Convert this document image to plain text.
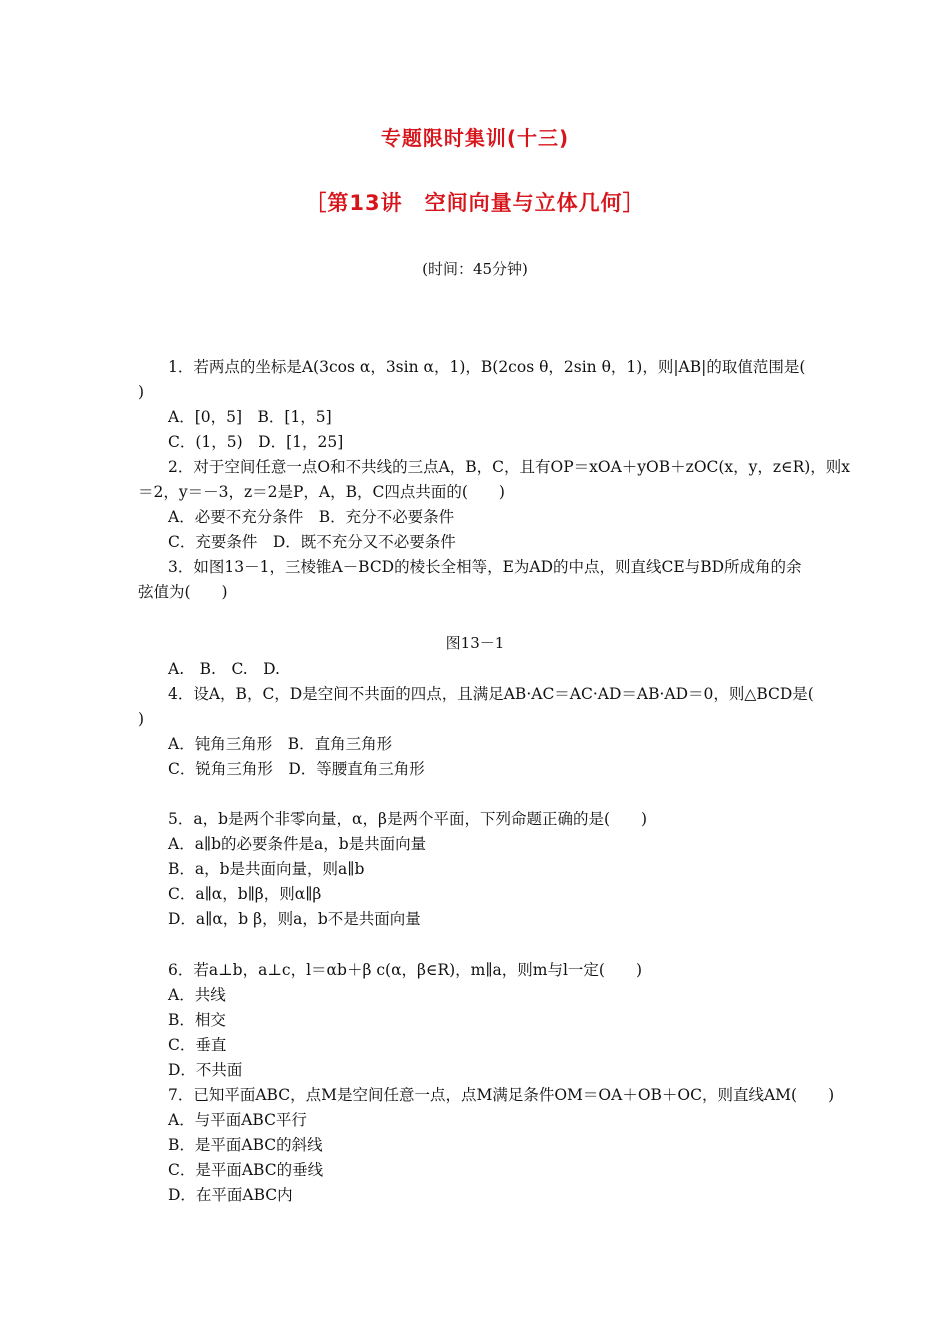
专题限时集训(十三)
［第13讲　空间向量与立体几何］
(时间：45分钟)
1．若两点的坐标是A(3cos α，3sin α，1)，B(2cos θ，2sin θ，1)，则|AB|的取值范围是(
)
A．[0，5]　B．[1，5]
C．(1，5)　D．[1，25]
2．对于空间任意一点O和不共线的三点A，B，C，且有OP＝xOA＋yOB＋zOC(x，y，z∈R)，则x
＝2，y＝－3，z＝2是P，A，B，C四点共面的(　　)
A．必要不充分条件　B．充分不必要条件
C．充要条件　D．既不充分又不必要条件
3．如图13－1，三棱锥A－BCD的棱长全相等，E为AD的中点，则直线CE与BD所成角的余
弦值为(　　)
图13－1
A.　B.　C.　D.
4．设A，B，C，D是空间不共面的四点，且满足AB·AC＝AC·AD＝AB·AD＝0，则△BCD是(
)
A．钝角三角形　B．直角三角形
C．锐角三角形　D．等腰直角三角形
5．a，b是两个非零向量，α，β是两个平面，下列命题正确的是(　　)
A．a∥b的必要条件是a，b是共面向量
B．a，b是共面向量，则a∥b
C．a∥α，b∥β，则α∥β
D．a∥α，b β，则a，b不是共面向量
6．若a⊥b，a⊥c，l＝αb＋β c(α，β∈R)，m∥a，则m与l一定(　　)
A．共线
B．相交
C．垂直
D．不共面
7．已知平面ABC，点M是空间任意一点，点M满足条件OM＝OA＋OB＋OC，则直线AM(　　)
A．与平面ABC平行
B．是平面ABC的斜线
C．是平面ABC的垂线
D．在平面ABC内
